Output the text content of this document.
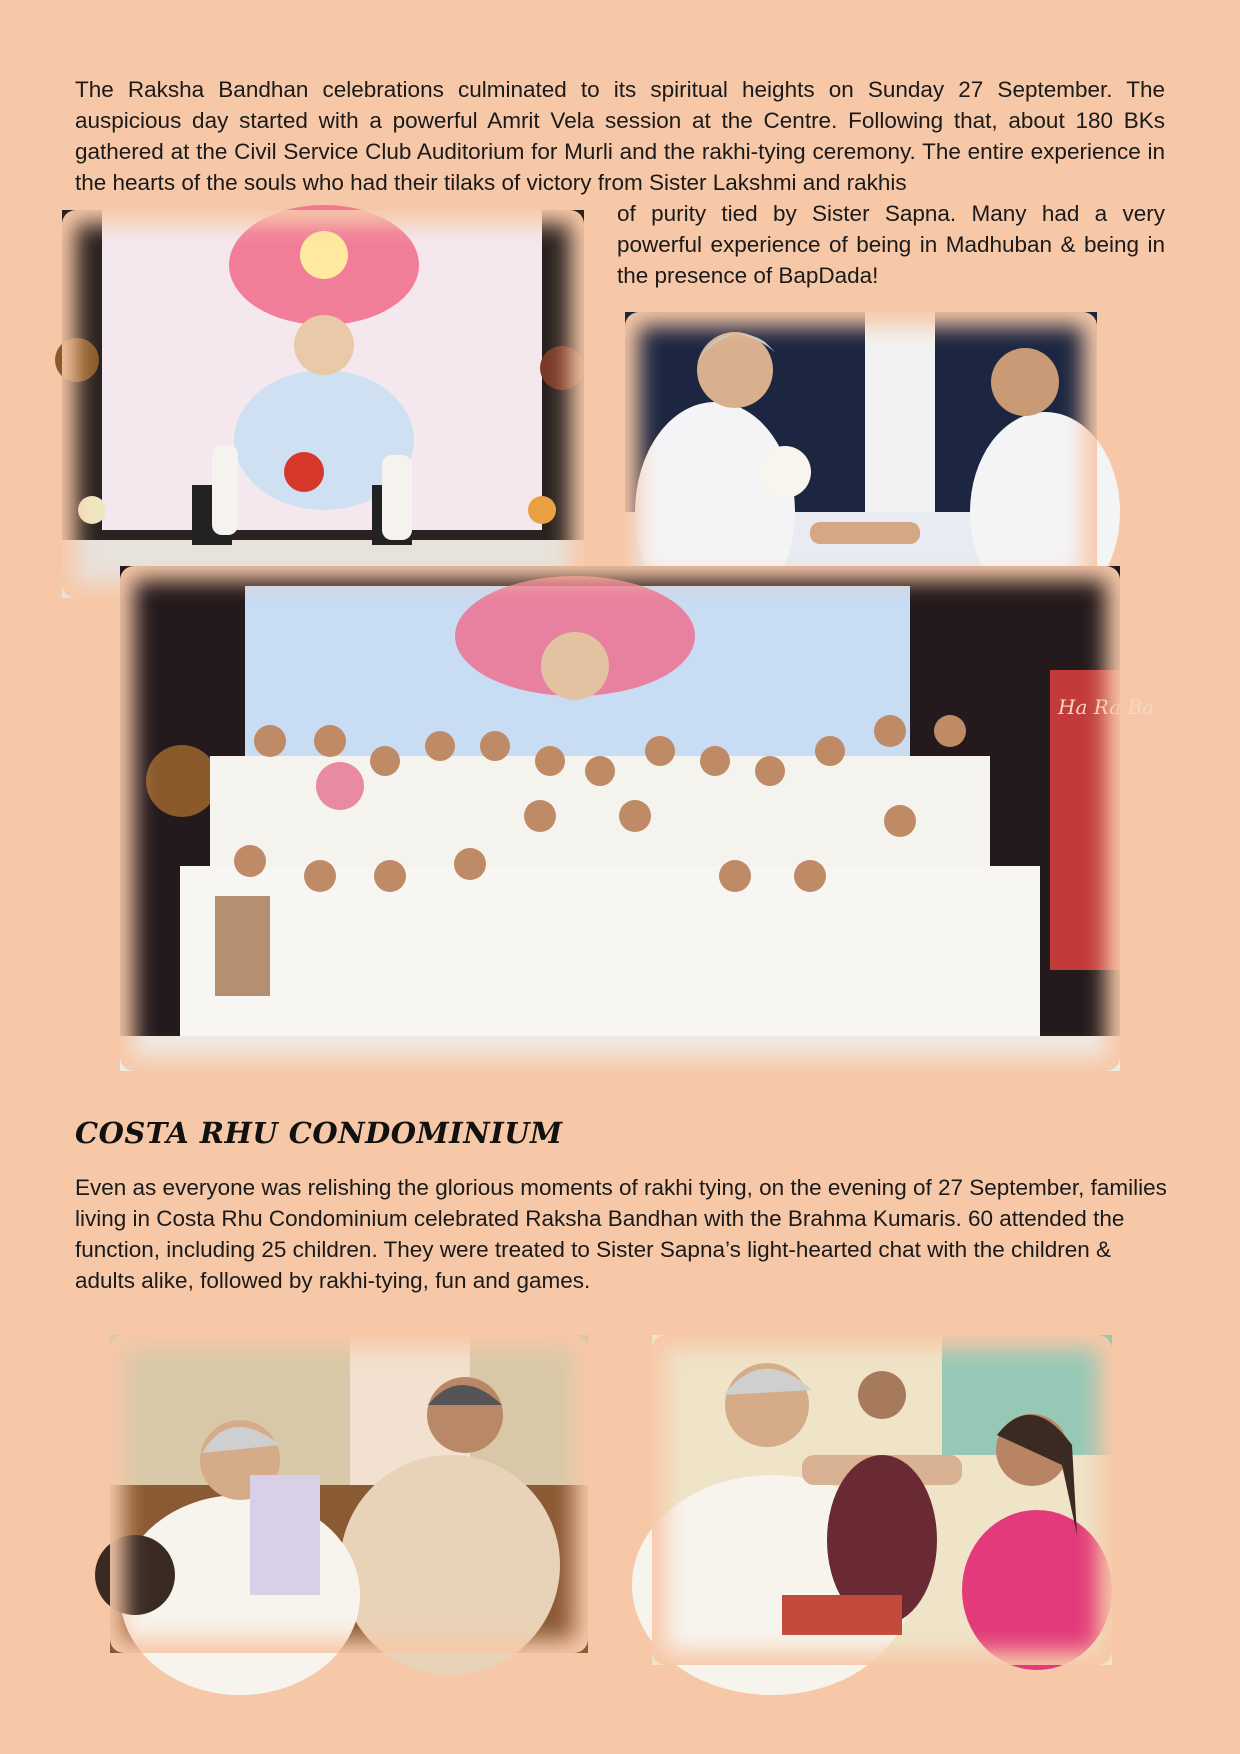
The Raksha Bandhan celebrations culminated to its spiritual heights on Sunday 27 September. The auspicious day started with a powerful Amrit Vela session at the Centre. Following that, about 180 BKs gathered at the Civil Service Club Auditorium for Murli and the rakhi-tying ceremony. The entire experience in the hearts of the souls who had their tilaks of victory from Sister Lakshmi and rakhis

of purity tied by Sister Sapna. Many had a very powerful experience of being in Madhuban & being in the presence of BapDada!

Ha Ra Ba
COSTA RHU CONDOMINIUM

Even as everyone was relishing the glorious moments of rakhi tying, on the evening of 27 September, families living in Costa Rhu Condominium celebrated Raksha Bandhan with the Brahma Kumaris. 60 attended the function, including 25 children. They were treated to Sister Sapna’s light-hearted chat with the children & adults alike, followed by rakhi-tying, fun and games.
